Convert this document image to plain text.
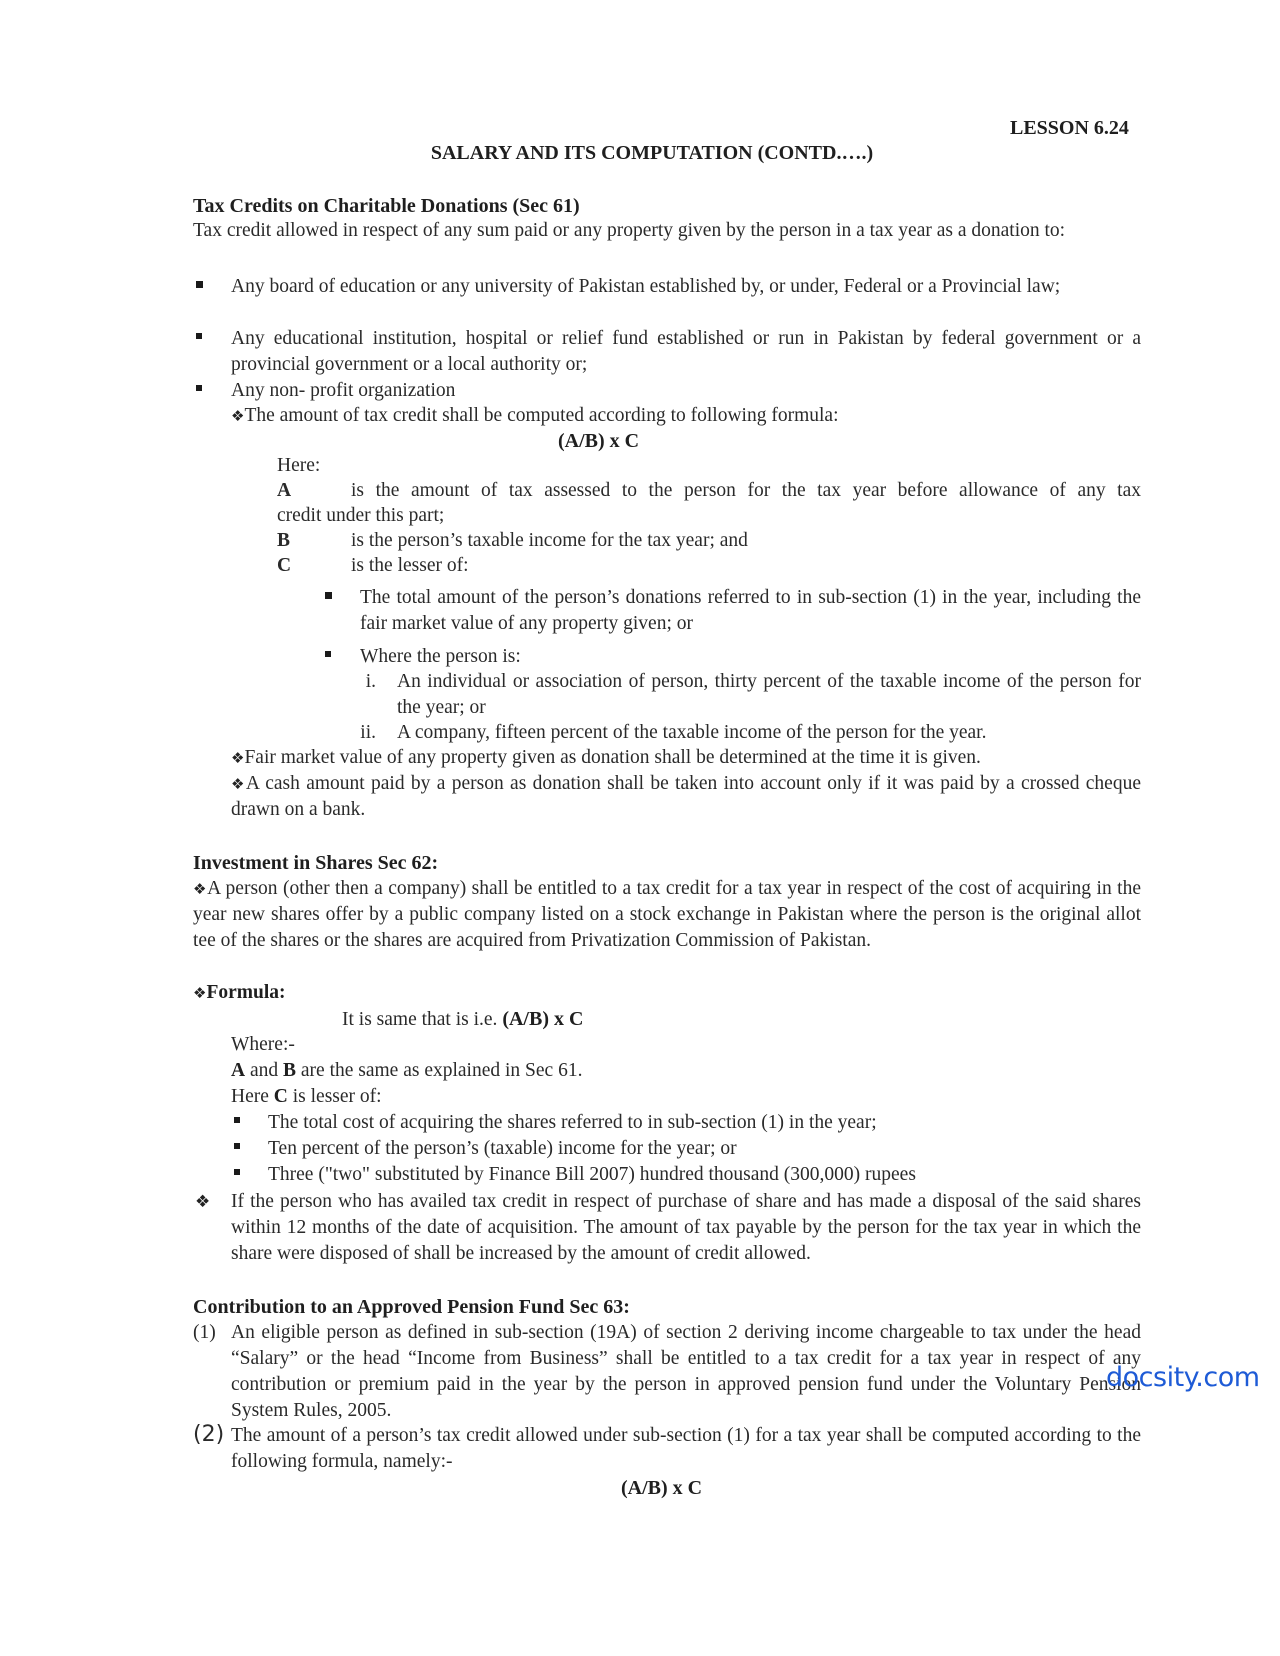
LESSON 6.24
SALARY AND ITS COMPUTATION (CONTD.….)
Tax Credits on Charitable Donations (Sec 61)
Tax credit allowed in respect of any sum paid or any property given by the person in a tax year as a donation to:
Any board of education or any university of Pakistan established by, or under, Federal or a Provincial law;
Any educational institution, hospital or relief fund established or run in Pakistan by federal government or a provincial government or a local authority or;
Any non- profit organization
❖The amount of tax credit shall be computed according to following formula:
(A/B) x C
Here:
A	is the amount of tax assessed to the person for the tax year before allowance of any tax
credit under this part;
B	is the person’s taxable income for the tax year; and
C	is the lesser of:
The total amount of the person’s donations referred to in sub-section (1) in the year, including the fair market value of any property given; or
Where the person is:
i. An individual or association of person, thirty percent of the taxable income of the person for the year; or
ii. A company, fifteen percent of the taxable income of the person for the year.
❖Fair market value of any property given as donation shall be determined at the time it is given.
❖A cash amount paid by a person as donation shall be taken into account only if it was paid by a crossed cheque drawn on a bank.
Investment in Shares Sec 62:
❖A person (other then a company) shall be entitled to a tax credit for a tax year in respect of the cost of acquiring in the year new shares offer by a public company listed on a stock exchange in Pakistan where the person is the original allot tee of the shares or the shares are acquired from Privatization Commission of Pakistan.
❖Formula:
It is same that is i.e. (A/B) x C
Where:-
A and B are the same as explained in Sec 61.
Here C is lesser of:
The total cost of acquiring the shares referred to in sub-section (1) in the year;
Ten percent of the person’s (taxable) income for the year; or
Three ("two" substituted by Finance Bill 2007) hundred thousand (300,000) rupees
❖ If the person who has availed tax credit in respect of purchase of share and has made a disposal of the said shares within 12 months of the date of acquisition. The amount of tax payable by the person for the tax year in which the share were disposed of shall be increased by the amount of credit allowed.
Contribution to an Approved Pension Fund Sec 63:
(1) An eligible person as defined in sub-section (19A) of section 2 deriving income chargeable to tax under the head “Salary” or the head “Income from Business” shall be entitled to a tax credit for a tax year in respect of any contribution or premium paid in the year by the person in approved pension fund under the Voluntary Pension System Rules, 2005.
(2) The amount of a person’s tax credit allowed under sub-section (1) for a tax year shall be computed according to the following formula, namely:-
(A/B) x C
docsity.com
